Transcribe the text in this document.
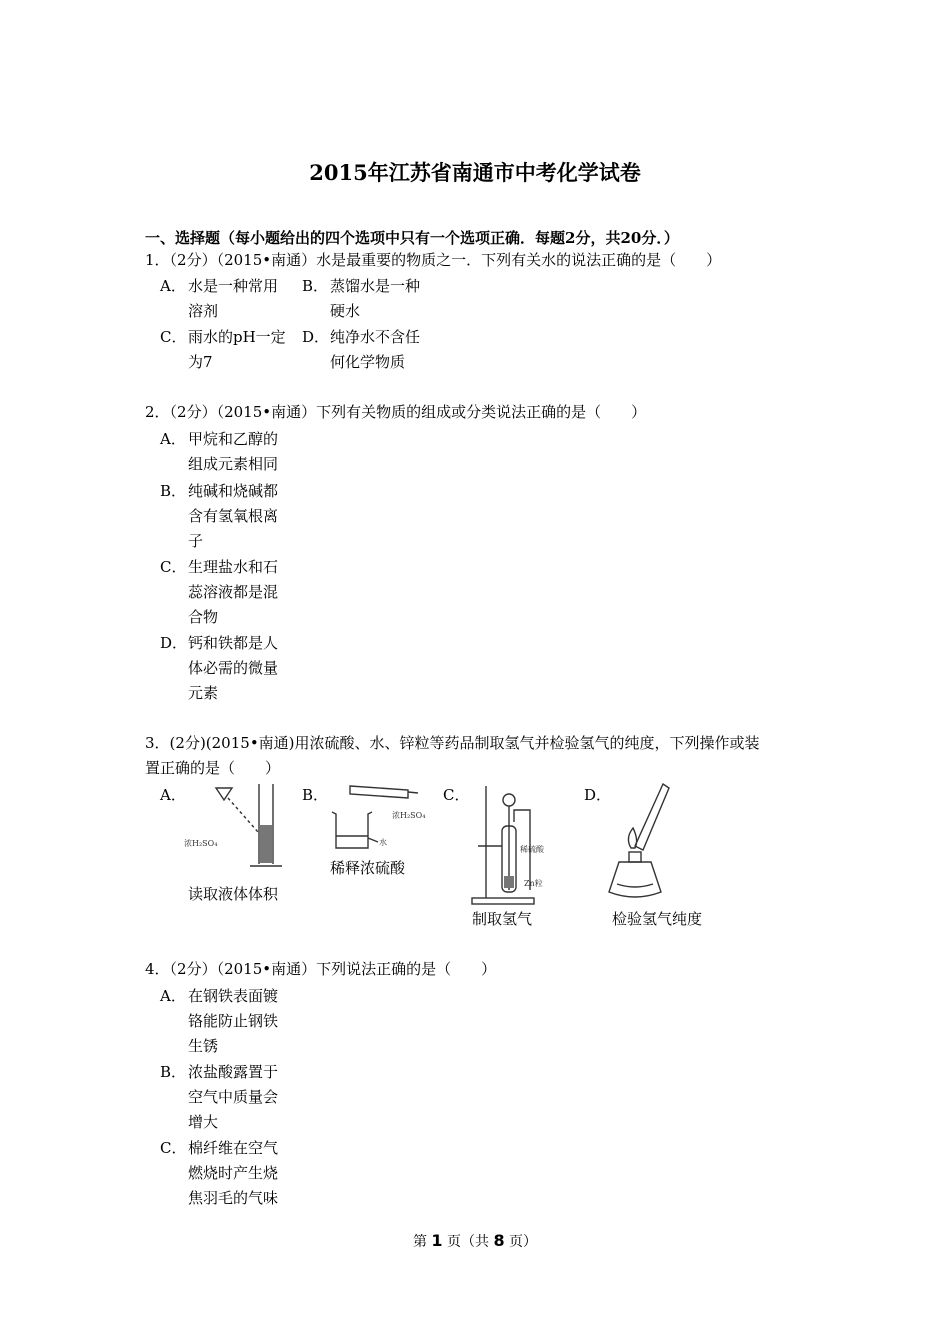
2015年江苏省南通市中考化学试卷
一、选择题（每小题给出的四个选项中只有一个选项正确．每题2分，共20分．）
1．（2分）（2015•南通）水是最重要的物质之一．下列有关水的说法正确的是（　　）
A． 水是一种常用
溶剂
B． 蒸馏水是一种
硬水
C． 雨水的pH一定
为7
D． 纯净水不含任
何化学物质
2．（2分）（2015•南通）下列有关物质的组成或分类说法正确的是（　　）
A． 甲烷和乙醇的
组成元素相同
B． 纯碱和烧碱都
含有氢氧根离
子
C． 生理盐水和石
蕊溶液都是混
合物
D． 钙和铁都是人
体必需的微量
元素
3．(2分)(2015•南通)用浓硫酸、水、锌粒等药品制取氢气并检验氢气的纯度，下列操作或装
置正确的是（　　）
A．	B．	C．	D．
浓H₂SO₄
读取液体体积
浓H₂SO₄
水
稀释浓硫酸
稀硫酸
Zn粒
制取氢气	检验氢气纯度
4．（2分）（2015•南通）下列说法正确的是（　　）
A． 在钢铁表面镀
铬能防止钢铁
生锈
B． 浓盐酸露置于
空气中质量会
增大
C． 棉纤维在空气
燃烧时产生烧
焦羽毛的气味
第 1 页（共 8 页）
